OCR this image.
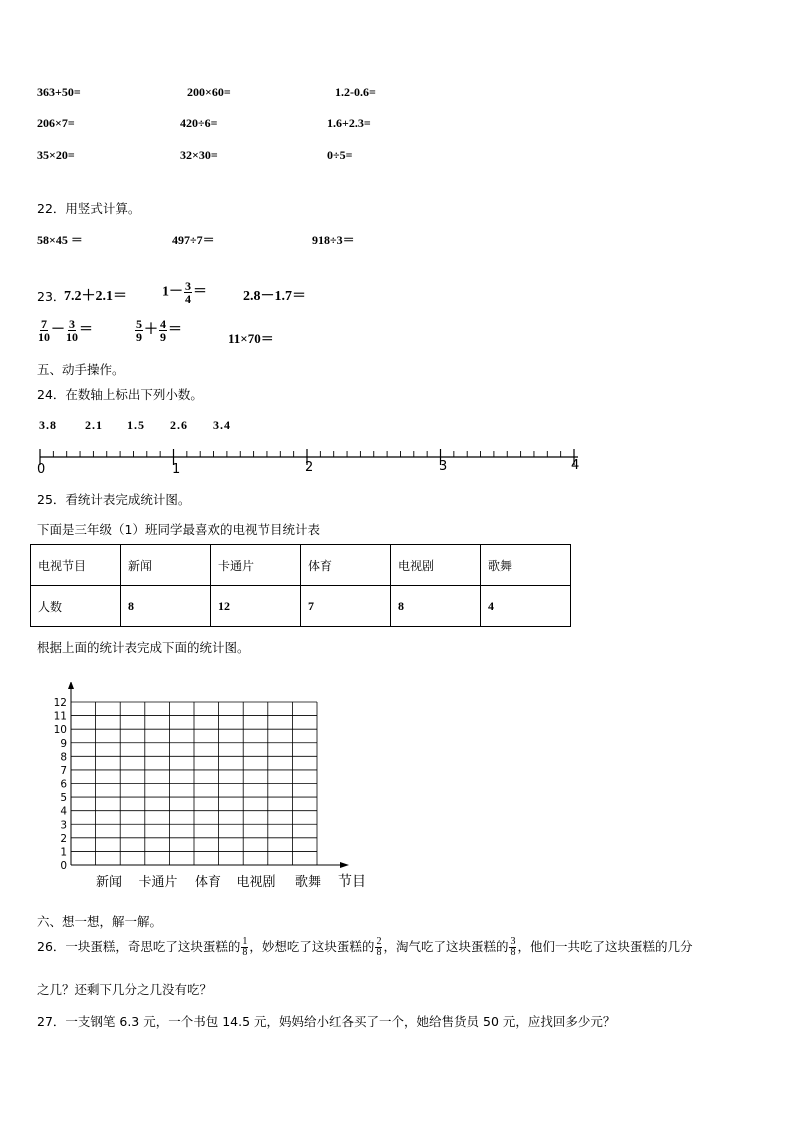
363+50=	200×60=	1.2-0.6=
206×7=	420÷6=	1.6+2.3=
35×20=	32×30=	0÷5=
22．用竖式计算。
58×45 ＝	497÷7＝	918÷3＝
23．
7.2＋2.1＝	$1- \frac{3}{4}$ ＝	2.8－1.7＝
$\frac{7}{10} - \frac{3}{10}$ ＝	$\frac{5}{9} + \frac{4}{9}$ ＝
11×70＝
五、动手操作。
24．在数轴上标出下列小数。
3.8 2.1 1.5 2.6 3.4
0	1	2	3	4
25．看统计表完成统计图。
下面是三年级（1）班同学最喜欢的电视节目统计表
电视节目	新闻	卡通片	体育	电视剧	歌舞
人数	8	12	7	8	4
根据上面的统计表完成下面的统计图。
0
1
2
3
4
5
6
7
8
9
10
11
12
新闻 卡通片 体育 电视剧 歌舞 节目
六、想一想，解一解。
26．一块蛋糕，奇思吃了这块蛋糕的 $\frac{1}{8}$ ，妙想吃了这块蛋糕的 $\frac{2}{8}$ ，淘气吃了这块蛋糕的 $\frac{3}{8}$ ，他们一共吃了这块蛋糕的几分
之几？还剩下几分之几没有吃？
27．一支钢笔 6.3 元，一个书包 14.5 元，妈妈给小红各买了一个，她给售货员 50 元，应找回多少元？
